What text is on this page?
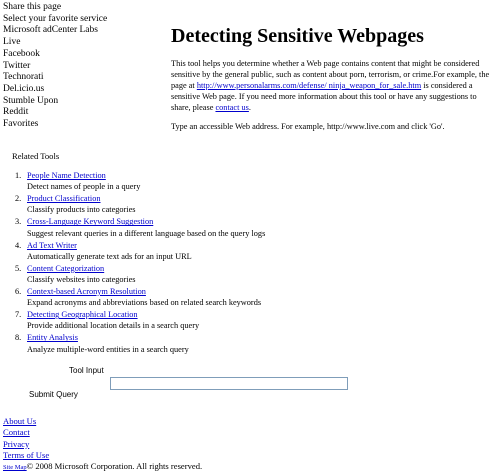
Share this page
Select your favorite service
Microsoft adCenter Labs
Live
Facebook
Twitter
Technorati
Del.icio.us
Stumble Upon
Reddit
Favorites
Detecting Sensitive Webpages
This tool helps you determine whether a Web page contains content that might be considered sensitive by the general public, such as content about porn, terrorism, or crime.For example, the page at http://www.personalarms.com/defense/ ninja_weapon_for_sale.htm is considered a sensitive Web page. If you need more information about this tool or have any suggestions to share, please contact us.
Type an accessible Web address. For example, http://www.live.com and click 'Go'.
Related Tools
1. People Name Detection
Detect names of people in a query
2. Product Classification
Classify products into categories
3. Cross-Language Keyword Suggestion
Suggest relevant queries in a different language based on the query logs
4. Ad Text Writer
Automatically generate text ads for an input URL
5. Content Categorization
Classify websites into categories
6. Context-based Acronym Resolution
Expand acronyms and abbreviations based on related search keywords
7. Detecting Geographical Location
Provide additional location details in a search query
8. Entity Analysis
Analyze multiple-word entities in a search query
Tool Input
Submit Query
About Us
Contact
Privacy
Terms of Use
Site Map© 2008 Microsoft Corporation. All rights reserved.
